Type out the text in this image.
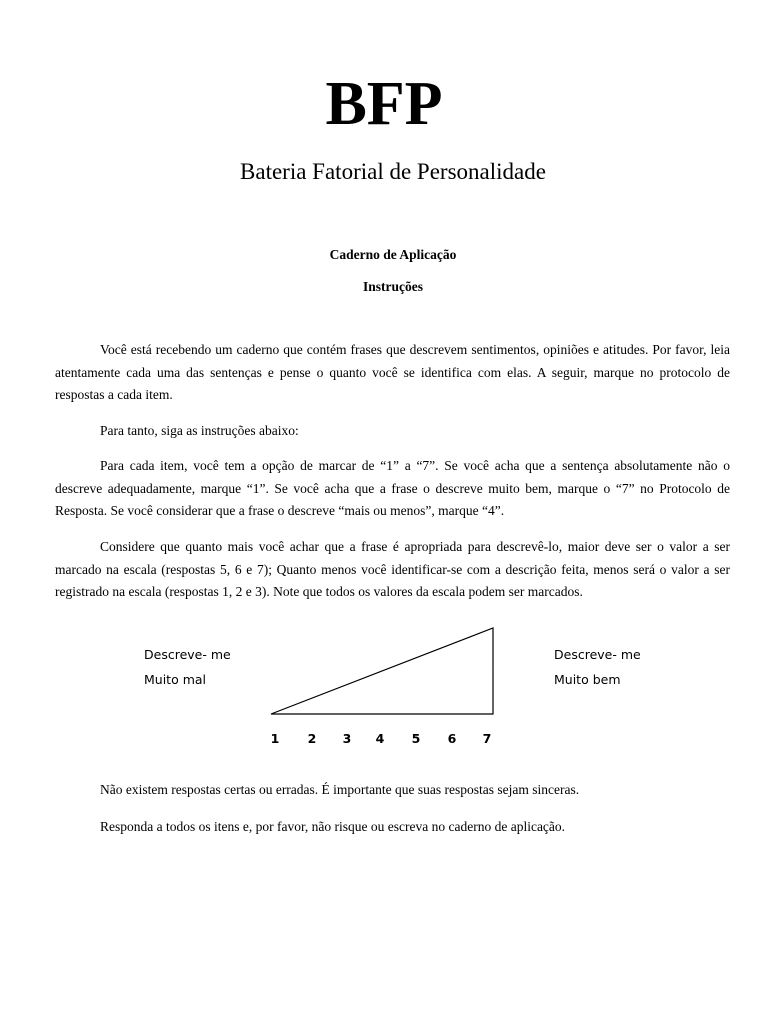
BFP
Bateria Fatorial de Personalidade
Caderno de Aplicação
Instruções

Você está recebendo um caderno que contém frases que descrevem sentimentos, opiniões e atitudes. Por favor, leia atentamente cada uma das sentenças e pense o quanto você se identifica com elas. A seguir, marque no protocolo de respostas a cada item.

Para tanto, siga as instruções abaixo:

Para cada item, você tem a opção de marcar de “1” a “7”. Se você acha que a sentença absolutamente não o descreve adequadamente, marque “1”. Se você acha que a frase o descreve muito bem, marque o “7” no Protocolo de Resposta. Se você considerar que a frase o descreve “mais ou menos”, marque “4”.

Considere que quanto mais você achar que a frase é apropriada para descrevê-lo, maior deve ser o valor a ser marcado na escala (respostas 5, 6 e 7); Quanto menos você identificar-se com a descrição feita, menos será o valor a ser registrado na escala (respostas 1, 2 e 3). Note que todos os valores da escala podem ser marcados.

Descreve- me
Muito mal
Descreve- me
Muito bem
1	2	3	4	5	6	7

Não existem respostas certas ou erradas. É importante que suas respostas sejam sinceras.

Responda a todos os itens e, por favor, não risque ou escreva no caderno de aplicação.
